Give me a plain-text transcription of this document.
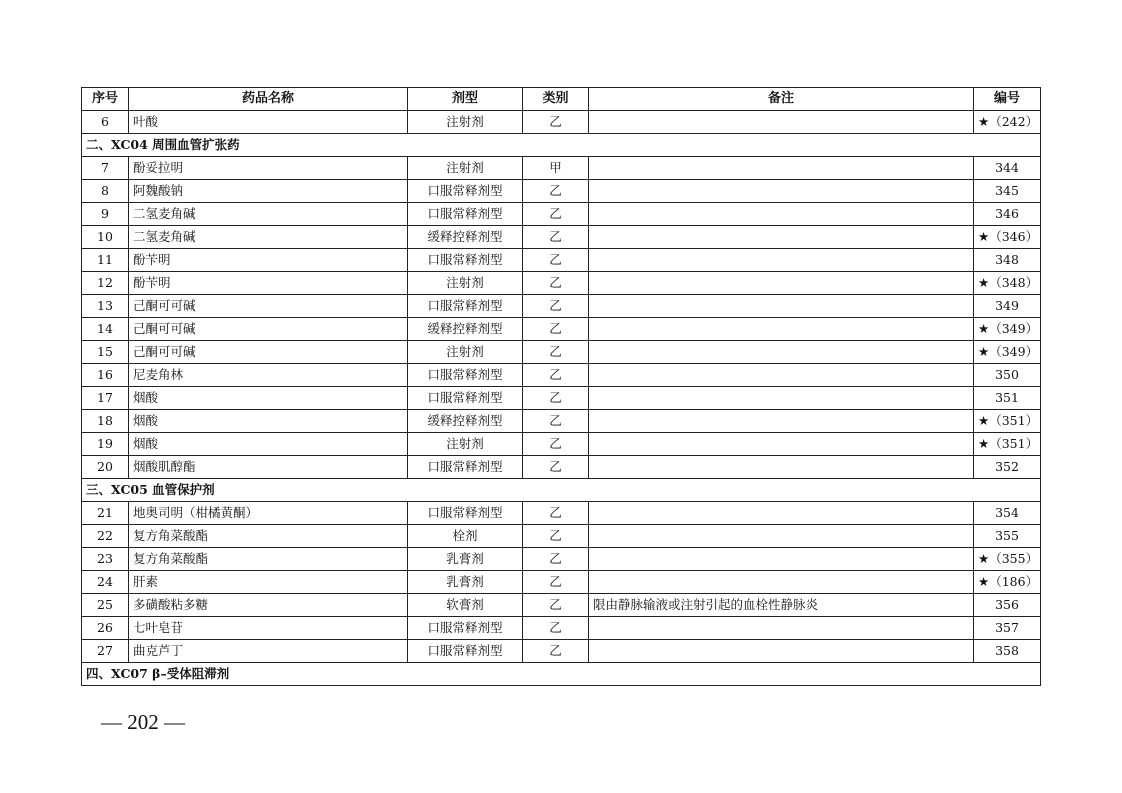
序号	药品名称	剂型	类别	备注	编号
6	叶酸	注射剂	乙		★（242）
二、XC04 周围血管扩张药					
7	酚妥拉明	注射剂	甲		344
8	阿魏酸钠	口服常释剂型	乙		345
9	二氢麦角碱	口服常释剂型	乙		346
10	二氢麦角碱	缓释控释剂型	乙		★（346）
11	酚苄明	口服常释剂型	乙		348
12	酚苄明	注射剂	乙		★（348）
13	己酮可可碱	口服常释剂型	乙		349
14	己酮可可碱	缓释控释剂型	乙		★（349）
15	己酮可可碱	注射剂	乙		★（349）
16	尼麦角林	口服常释剂型	乙		350
17	烟酸	口服常释剂型	乙		351
18	烟酸	缓释控释剂型	乙		★（351）
19	烟酸	注射剂	乙		★（351）
20	烟酸肌醇酯	口服常释剂型	乙		352
三、XC05 血管保护剂					
21	地奥司明（柑橘黄酮）	口服常释剂型	乙		354
22	复方角菜酸酯	栓剂	乙		355
23	复方角菜酸酯	乳膏剂	乙		★（355）
24	肝素	乳膏剂	乙		★（186）
25	多磺酸粘多糖	软膏剂	乙	限由静脉输液或注射引起的血栓性静脉炎	356
26	七叶皂苷	口服常释剂型	乙		357
27	曲克芦丁	口服常释剂型	乙		358
四、XC07 β–受体阻滞剂					
— 202 —
